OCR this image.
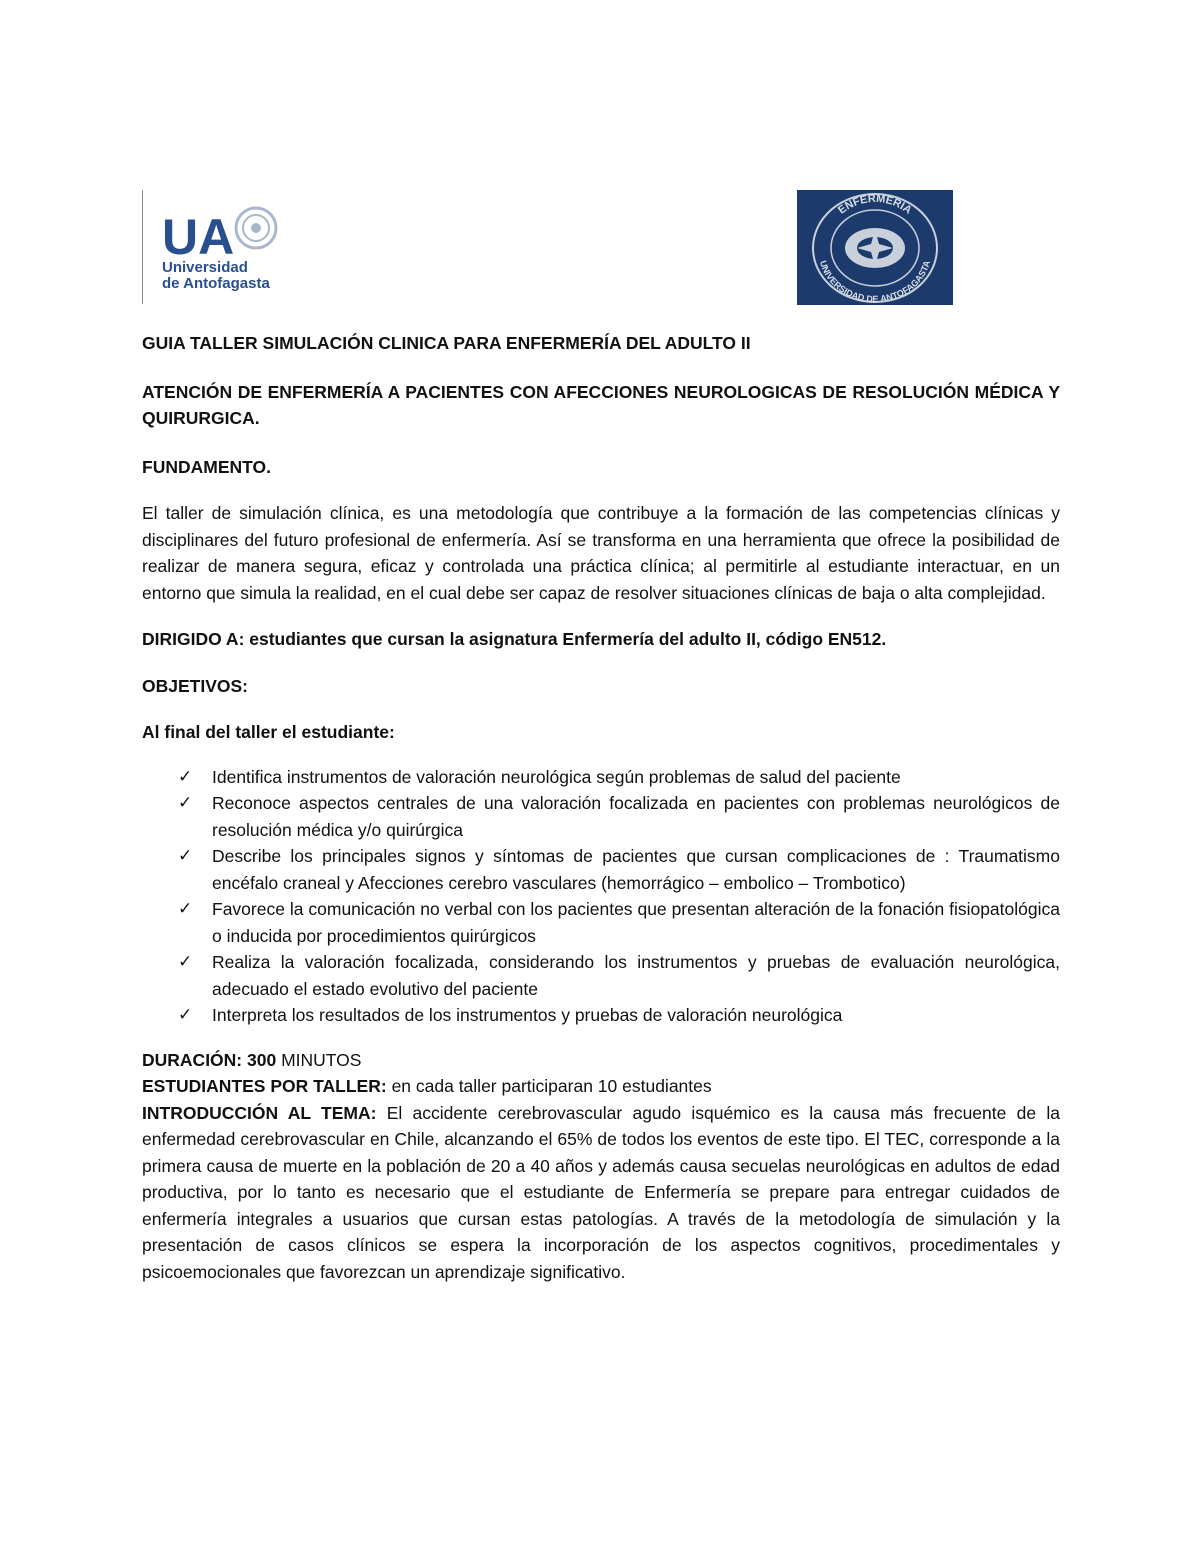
UA
Universidad
de Antofagasta
ENFERMERIA
UNIVERSIDAD DE ANTOFAGASTA

GUIA TALLER SIMULACIÓN CLINICA PARA ENFERMERÍA DEL ADULTO II

ATENCIÓN DE ENFERMERÍA A PACIENTES CON AFECCIONES NEUROLOGICAS DE RESOLUCIÓN MÉDICA Y QUIRURGICA.

FUNDAMENTO.

El taller de simulación clínica, es una metodología que contribuye a la formación de las competencias clínicas y disciplinares del futuro profesional de enfermería. Así se transforma en una herramienta que ofrece la posibilidad de realizar de manera segura, eficaz y controlada una práctica clínica; al permitirle al estudiante interactuar, en un entorno que simula la realidad, en el cual debe ser capaz de resolver situaciones clínicas de baja o alta complejidad.

DIRIGIDO A: estudiantes que cursan la asignatura Enfermería del adulto II, código EN512.

OBJETIVOS:

Al final del taller el estudiante:

✓ Identifica instrumentos de valoración neurológica según problemas de salud del paciente
✓ Reconoce aspectos centrales de una valoración focalizada en pacientes con problemas neurológicos de resolución médica y/o quirúrgica
✓ Describe los principales signos y síntomas de pacientes que cursan complicaciones de : Traumatismo encéfalo craneal y Afecciones cerebro vasculares (hemorrágico – embolico – Trombotico)
✓ Favorece la comunicación no verbal con los pacientes que presentan alteración de la fonación fisiopatológica o inducida por procedimientos quirúrgicos
✓ Realiza la valoración focalizada, considerando los instrumentos y pruebas de evaluación neurológica, adecuado el estado evolutivo del paciente
✓ Interpreta los resultados de los instrumentos y pruebas de valoración neurológica

DURACIÓN: 300 MINUTOS

ESTUDIANTES POR TALLER: en cada taller participaran 10 estudiantes

INTRODUCCIÓN AL TEMA: El accidente cerebrovascular agudo isquémico es la causa más frecuente de la enfermedad cerebrovascular en Chile, alcanzando el 65% de todos los eventos de este tipo. El TEC, corresponde a la primera causa de muerte en la población de 20 a 40 años y además causa secuelas neurológicas en adultos de edad productiva, por lo tanto es necesario que el estudiante de Enfermería se prepare para entregar cuidados de enfermería integrales a usuarios que cursan estas patologías. A través de la metodología de simulación y la presentación de casos clínicos se espera la incorporación de los aspectos cognitivos, procedimentales y psicoemocionales que favorezcan un aprendizaje significativo.
